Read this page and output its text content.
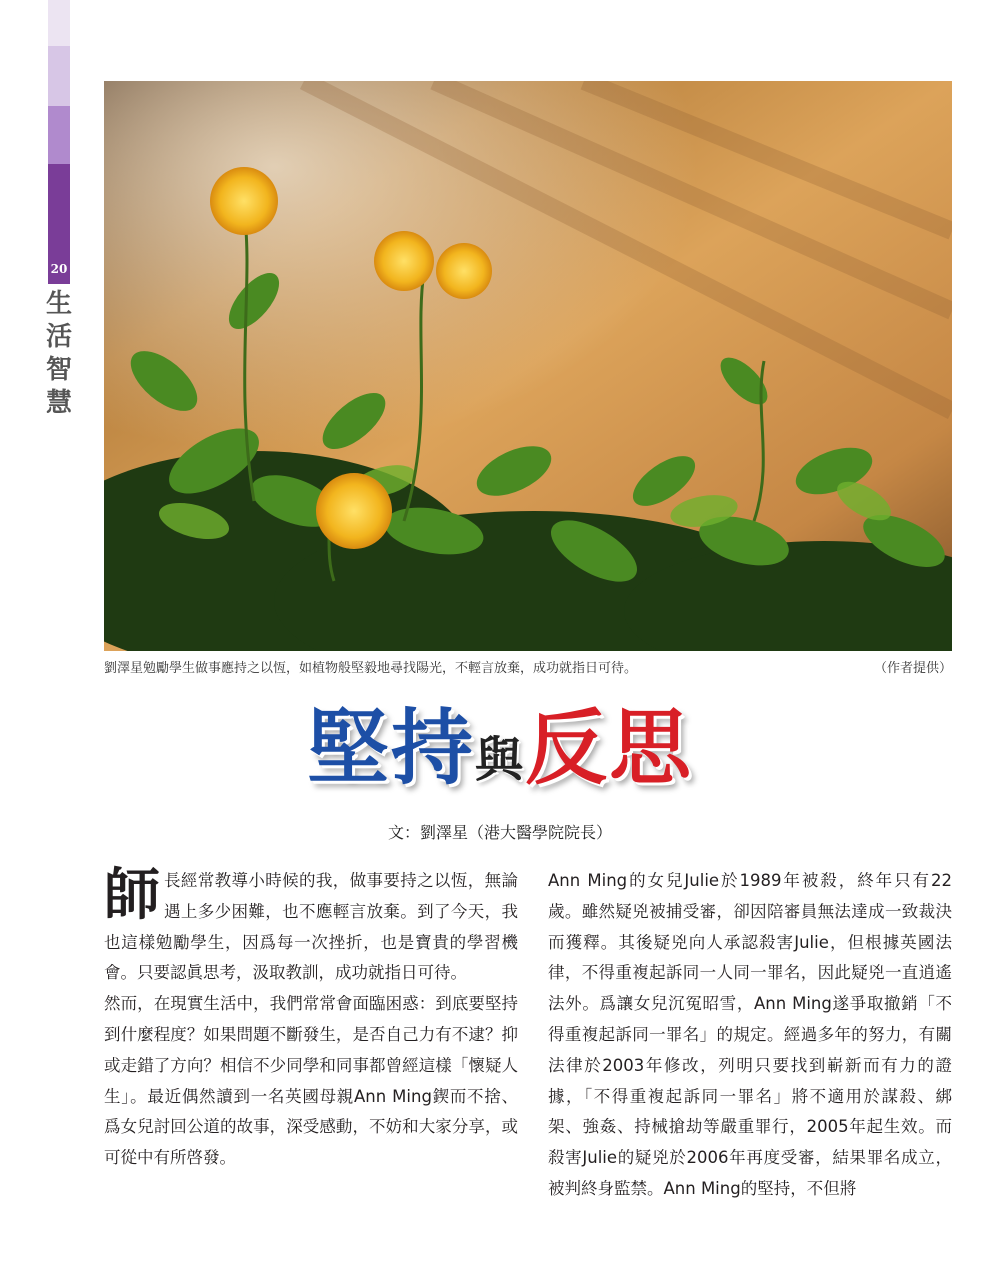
20
生活智慧
劉澤星勉勵學生做事應持之以恆，如植物般堅毅地尋找陽光，不輕言放棄，成功就指日可待。	（作者提供）
堅持與反思
文：劉澤星（港大醫學院院長）

師長經常教導小時候的我，做事要持之以恆，無論遇上多少困難，也不應輕言放棄。到了今天，我也這樣勉勵學生，因爲每一次挫折，也是寶貴的學習機會。只要認眞思考，汲取教訓，成功就指日可待。

然而，在現實生活中，我們常常會面臨困惑：到底要堅持到什麼程度？如果問題不斷發生，是否自己力有不逮？抑或走錯了方向？相信不少同學和同事都曾經這樣「懷疑人生」。最近偶然讀到一名英國母親Ann Ming鍥而不捨、爲女兒討回公道的故事，深受感動，不妨和大家分享，或可從中有所啓發。

Ann Ming的女兒Julie於1989年被殺，終年只有22歲。雖然疑兇被捕受審，卻因陪審員無法達成一致裁決而獲釋。其後疑兇向人承認殺害Julie，但根據英國法律，不得重複起訴同一人同一罪名，因此疑兇一直逍遙法外。爲讓女兒沉冤昭雪，Ann Ming遂爭取撤銷「不得重複起訴同一罪名」的規定。經過多年的努力，有關法律於2003年修改，列明只要找到嶄新而有力的證據，「不得重複起訴同一罪名」將不適用於謀殺、綁架、強姦、持械搶劫等嚴重罪行，2005年起生效。而殺害Julie的疑兇於2006年再度受審，結果罪名成立，被判終身監禁。Ann Ming的堅持，不但將
